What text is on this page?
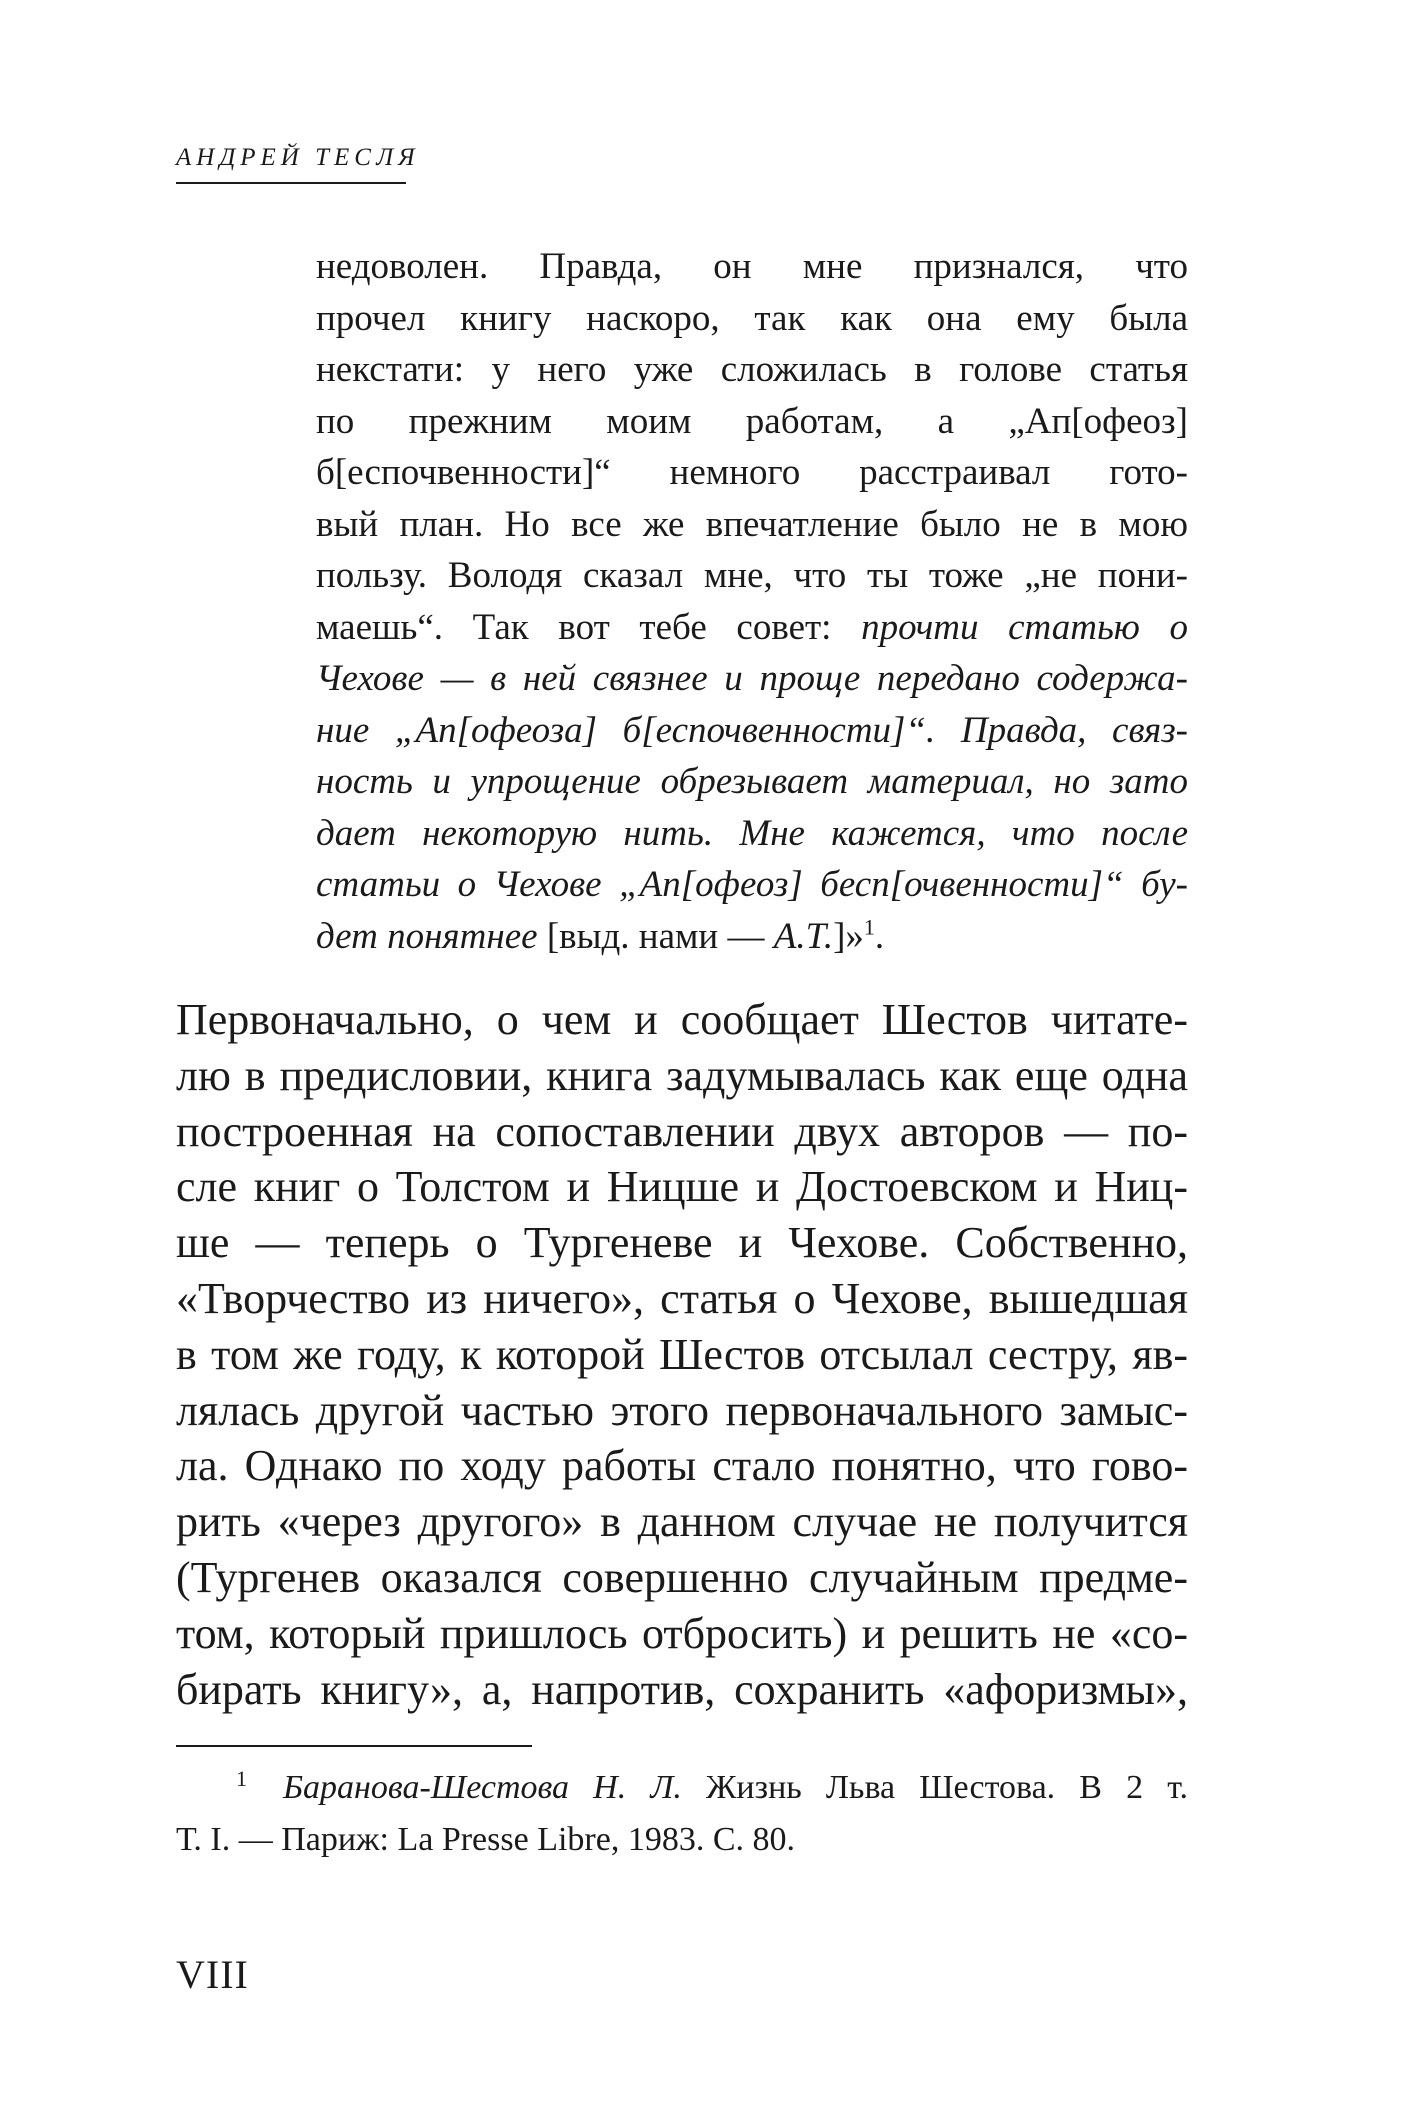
АНДРЕЙ ТЕСЛЯ
недоволен. Правда, он мне признался, что
прочел книгу наскоро, так как она ему была
некстати: у него уже сложилась в голове статья
по прежним моим работам, а „Ап[офеоз]
б[еспочвенности]“ немного расстраивал гото-
вый план. Но все же впечатление было не в мою
пользу. Володя сказал мне, что ты тоже „не пони-
маешь“. Так вот тебе совет: прочти статью о
Чехове — в ней связнее и проще передано содержа-
ние „Ап[офеоза] б[еспочвенности]“. Правда, связ-
ность и упрощение обрезывает материал, но зато
дает некоторую нить. Мне кажется, что после
статьи о Чехове „Ап[офеоз] бесп[очвенности]“ бу-
дет понятнее [выд. нами — А.Т.]»$^1$.
Первоначально, о чем и сообщает Шестов читате-
лю в предисловии, книга задумывалась как еще одна
построенная на сопоставлении двух авторов — по-
сле книг о Толстом и Ницше и Достоевском и Ниц-
ше — теперь о Тургеневе и Чехове. Собственно,
«Творчество из ничего», статья о Чехове, вышедшая
в том же году, к которой Шестов отсылал сестру, яв-
лялась другой частью этого первоначального замыс-
ла. Однако по ходу работы стало понятно, что гово-
рить «через другого» в данном случае не получится
(Тургенев оказался совершенно случайным предме-
том, который пришлось отбросить) и решить не «со-
бирать книгу», а, напротив, сохранить «афоризмы»,
$^1$ Баранова-Шестова Н. Л. Жизнь Льва Шестова. В 2 т.
Т. I. — Париж: La Presse Libre, 1983. С. 80.
VIII
